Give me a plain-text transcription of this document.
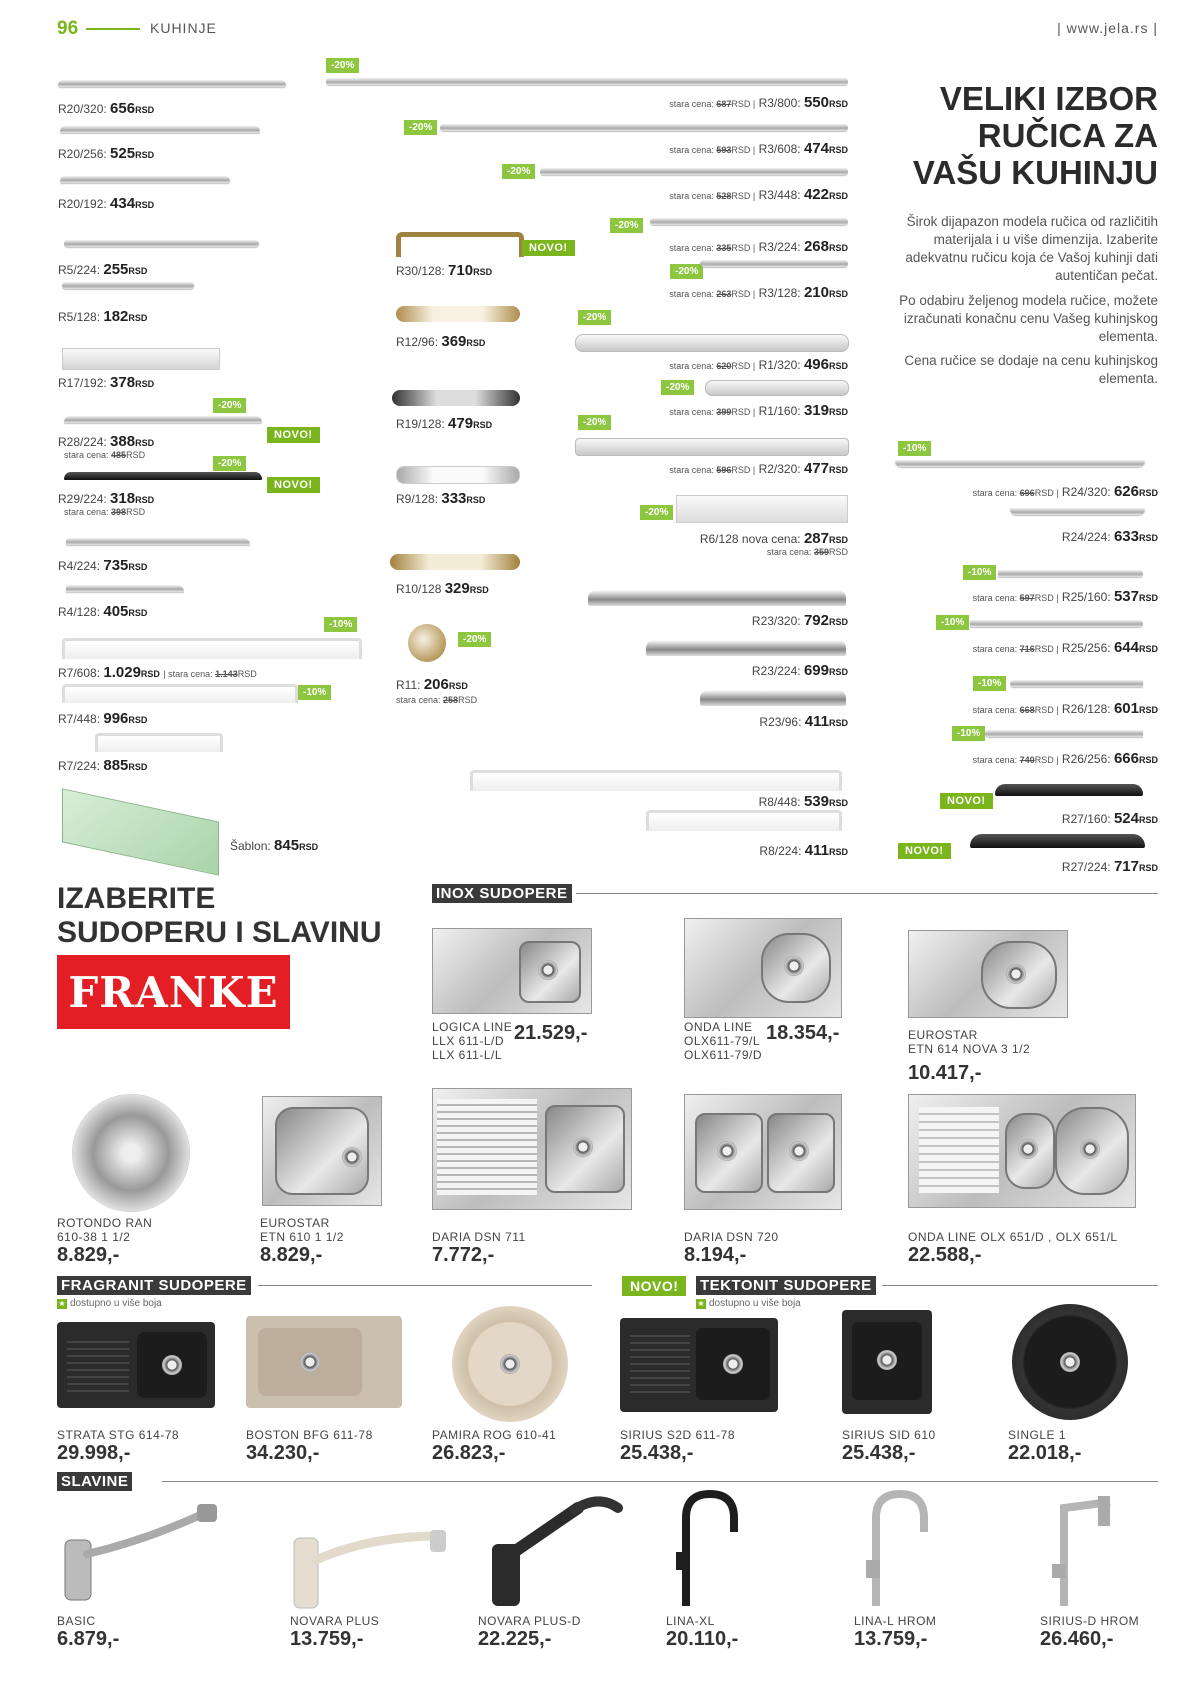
96	KUHINJE	| www.jela.rs |
VELIKI IZBOR
RUČICA ZA
VAŠU KUHINJU
Širok dijapazon modela ručica od različitih materijala i u više dimenzija. Izaberite adekvatnu ručicu koja će Vašoj kuhinji dati autentičan pečat.
Po odabiru željenog modela ručice, možete izračunati konačnu cenu Vašeg kuhinjskog elementa.
Cena ručice se dodaje na cenu kuhinjskog elementa.
R20/320: 656RSD
R20/256: 525RSD
R20/192: 434RSD
R5/224: 255RSD
R5/128: 182RSD
R17/192: 378RSD
-20%
NOVO!
R28/224: 388RSD
stara cena: 485RSD
-20%
NOVO!
R29/224: 318RSD
stara cena: 398RSD
R4/224: 735RSD
R4/128: 405RSD
-10%
R7/608: 1.029RSD | stara cena: 1.143RSD
-10%
R7/448: 996RSD
R7/224: 885RSD
Šablon: 845RSD
NOVO!
R30/128: 710RSD
R12/96: 369RSD
R19/128: 479RSD
R9/128: 333RSD
R10/128 329RSD
-20%
R11: 206RSD
stara cena: 258RSD
-20%
stara cena: 687RSD | R3/800: 550RSD
-20%
stara cena: 593RSD | R3/608: 474RSD
-20%
stara cena: 528RSD | R3/448: 422RSD
-20%
stara cena: 335RSD | R3/224: 268RSD
-20%
stara cena: 263RSD | R3/128: 210RSD
-20%
stara cena: 620RSD | R1/320: 496RSD
-20%
stara cena: 399RSD | R1/160: 319RSD
-20%
stara cena: 596RSD | R2/320: 477RSD
-20%
R6/128 nova cena: 287RSD
stara cena: 359RSD
R23/320: 792RSD
R23/224: 699RSD
R23/96: 411RSD
R8/448: 539RSD
R8/224: 411RSD
-10%
stara cena: 696RSD | R24/320: 626RSD
R24/224: 633RSD
-10%
stara cena: 597RSD | R25/160: 537RSD
-10%
stara cena: 716RSD | R25/256: 644RSD
-10%
stara cena: 668RSD | R26/128: 601RSD
-10%
stara cena: 740RSD | R26/256: 666RSD
NOVO!
R27/160: 524RSD
NOVO!
R27/224: 717RSD
IZABERITE
SUDOPERU I SLAVINU
FRANKE
INOX SUDOPERE
LOGICA LINE
LLX 611-L/D
LLX 611-L/L
21.529,-	ONDA LINE
OLX611-79/L
OLX611-79/D
18.354,-	EUROSTAR
ETN 614 NOVA 3 1/2
10.417,-
ROTONDO RAN
610-38 1 1/2
8.829,-
EUROSTAR
ETN 610 1 1/2
8.829,-
DARIA DSN 711
7.772,-
DARIA DSN 720
8.194,-
ONDA LINE OLX 651/D , OLX 651/L
22.588,-
FRAGRANIT SUDOPERE
★ dostupno u više boja
NOVO!	TEKTONIT SUDOPERE
★ dostupno u više boja
STRATA STG 614-78
29.998,-
BOSTON BFG 611-78
34.230,-
PAMIRA ROG 610-41
26.823,-
SIRIUS S2D 611-78
25.438,-
SIRIUS SID 610
25.438,-
SINGLE 1
22.018,-
SLAVINE
BASIC
6.879,-
NOVARA PLUS
13.759,-
NOVARA PLUS-D
22.225,-
LINA-XL
20.110,-
LINA-L HROM
13.759,-
SIRIUS-D HROM
26.460,-
